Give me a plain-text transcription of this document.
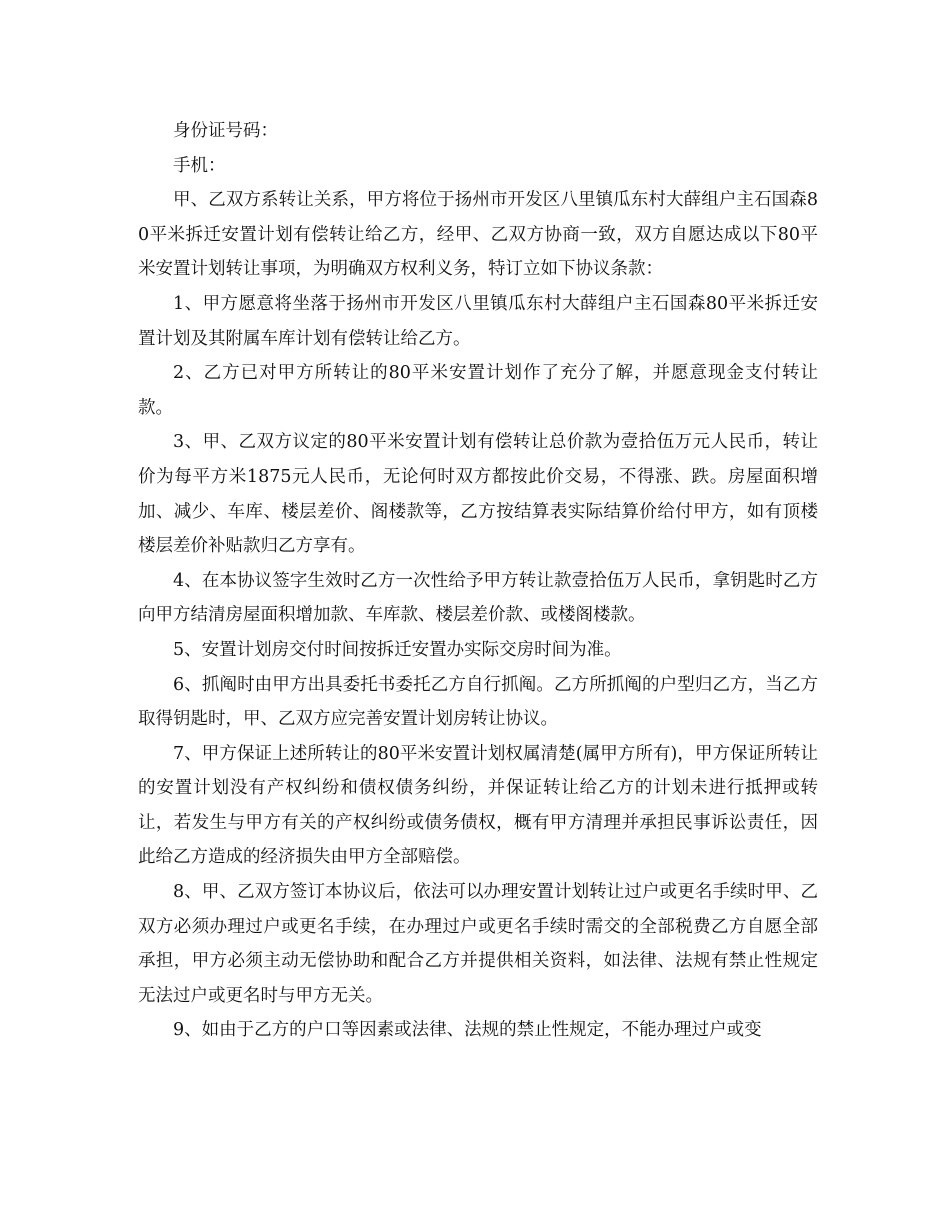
身份证号码：

手机：

甲、乙双方系转让关系，甲方将位于扬州市开发区八里镇瓜东村大薛组户主石国森80平米拆迁安置计划有偿转让给乙方，经甲、乙双方协商一致，双方自愿达成以下80平米安置计划转让事项，为明确双方权利义务，特订立如下协议条款：

1、甲方愿意将坐落于扬州市开发区八里镇瓜东村大薛组户主石国森80平米拆迁安置计划及其附属车库计划有偿转让给乙方。

2、乙方已对甲方所转让的80平米安置计划作了充分了解，并愿意现金支付转让款。

3、甲、乙双方议定的80平米安置计划有偿转让总价款为壹拾伍万元人民币，转让价为每平方米1875元人民币，无论何时双方都按此价交易，不得涨、跌。房屋面积增加、减少、车库、楼层差价、阁楼款等，乙方按结算表实际结算价给付甲方，如有顶楼楼层差价补贴款归乙方享有。

4、在本协议签字生效时乙方一次性给予甲方转让款壹拾伍万人民币，拿钥匙时乙方向甲方结清房屋面积增加款、车库款、楼层差价款、或楼阁楼款。

5、安置计划房交付时间按拆迁安置办实际交房时间为准。

6、抓阄时由甲方出具委托书委托乙方自行抓阄。乙方所抓阄的户型归乙方，当乙方取得钥匙时，甲、乙双方应完善安置计划房转让协议。

7、甲方保证上述所转让的80平米安置计划权属清楚(属甲方所有)，甲方保证所转让的安置计划没有产权纠纷和债权债务纠纷，并保证转让给乙方的计划未进行抵押或转让，若发生与甲方有关的产权纠纷或债务债权，概有甲方清理并承担民事诉讼责任，因此给乙方造成的经济损失由甲方全部赔偿。

8、甲、乙双方签订本协议后，依法可以办理安置计划转让过户或更名手续时甲、乙双方必须办理过户或更名手续，在办理过户或更名手续时需交的全部税费乙方自愿全部承担，甲方必须主动无偿协助和配合乙方并提供相关资料，如法律、法规有禁止性规定无法过户或更名时与甲方无关。

9、如由于乙方的户口等因素或法律、法规的禁止性规定，不能办理过户或变
